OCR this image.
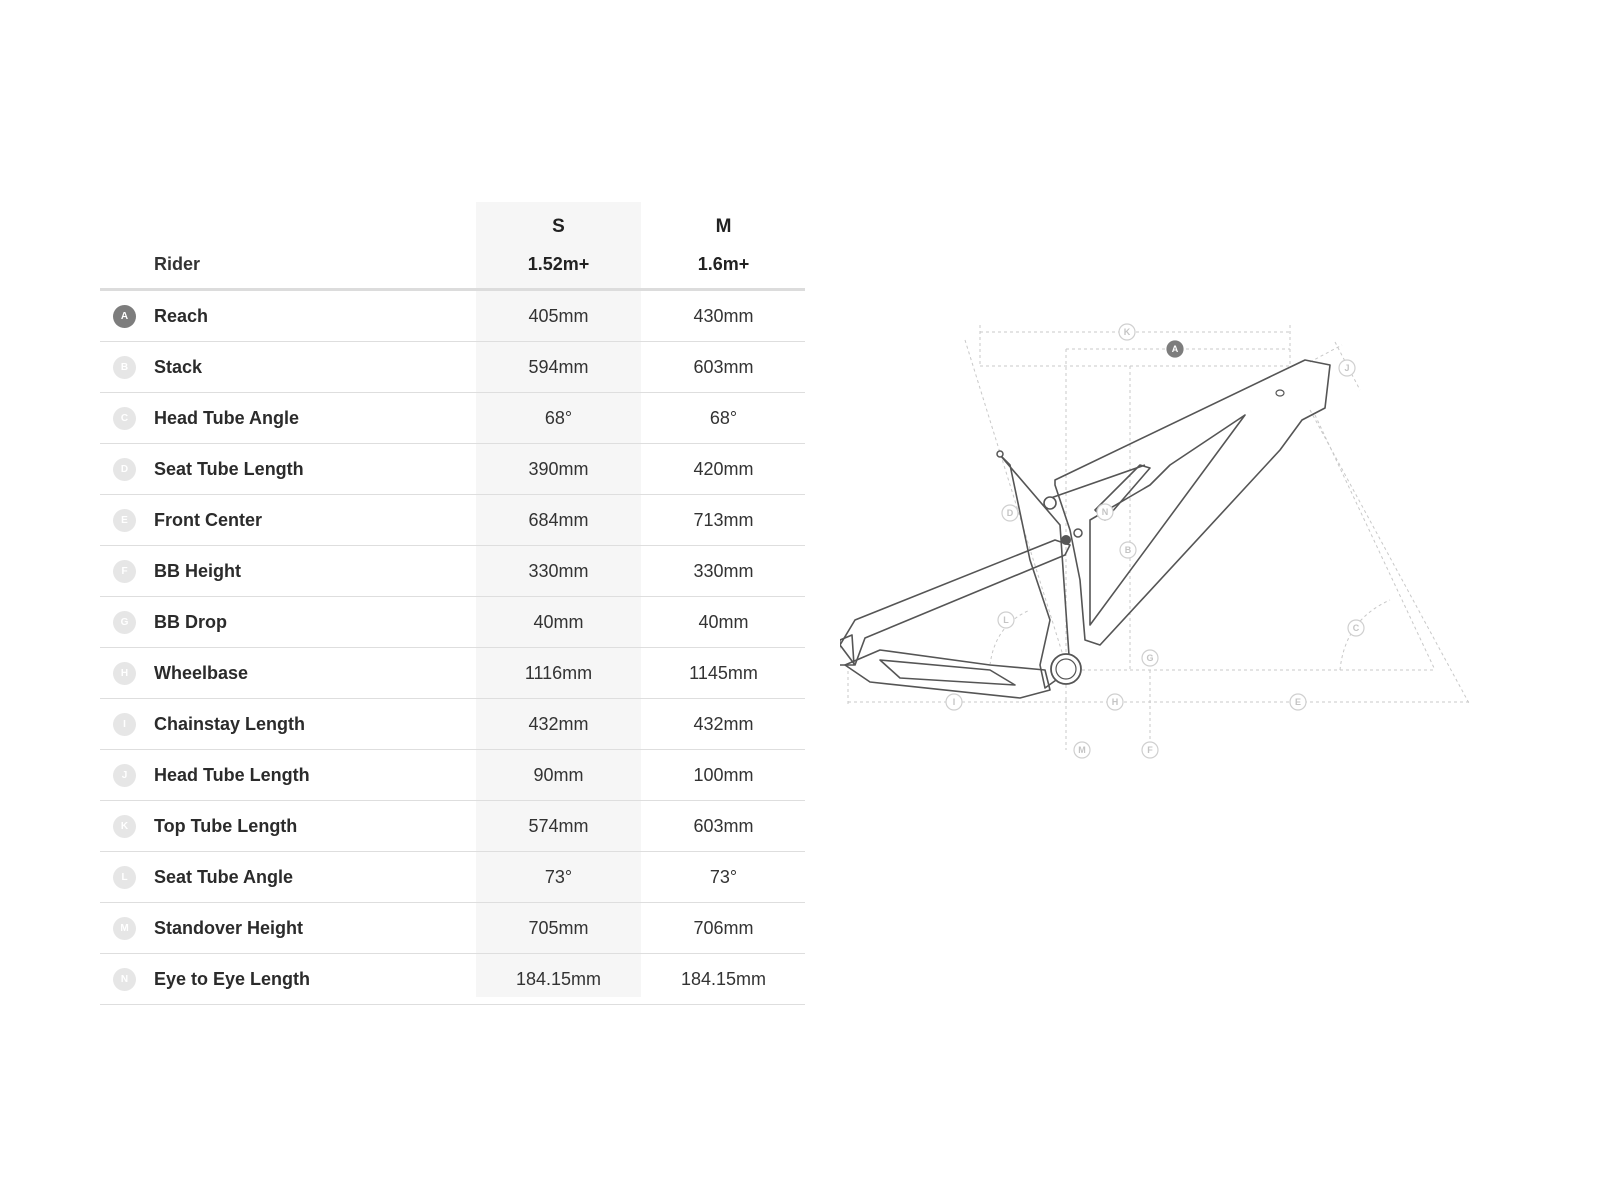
S	M
Rider	1.52m+	1.6m+
A	Reach	405mm	430mm
B	Stack	594mm	603mm
C	Head Tube Angle	68°	68°
D	Seat Tube Length	390mm	420mm
E	Front Center	684mm	713mm
F	BB Height	330mm	330mm
G	BB Drop	40mm	40mm
H	Wheelbase	1116mm	1145mm
I	Chainstay Length	432mm	432mm
J	Head Tube Length	90mm	100mm
K	Top Tube Length	574mm	603mm
L	Seat Tube Angle	73°	73°
M	Standover Height	705mm	706mm
N	Eye to Eye Length	184.15mm	184.15mm
K
A
J
D	N
B
L
C
G
I	H	E
M	F
